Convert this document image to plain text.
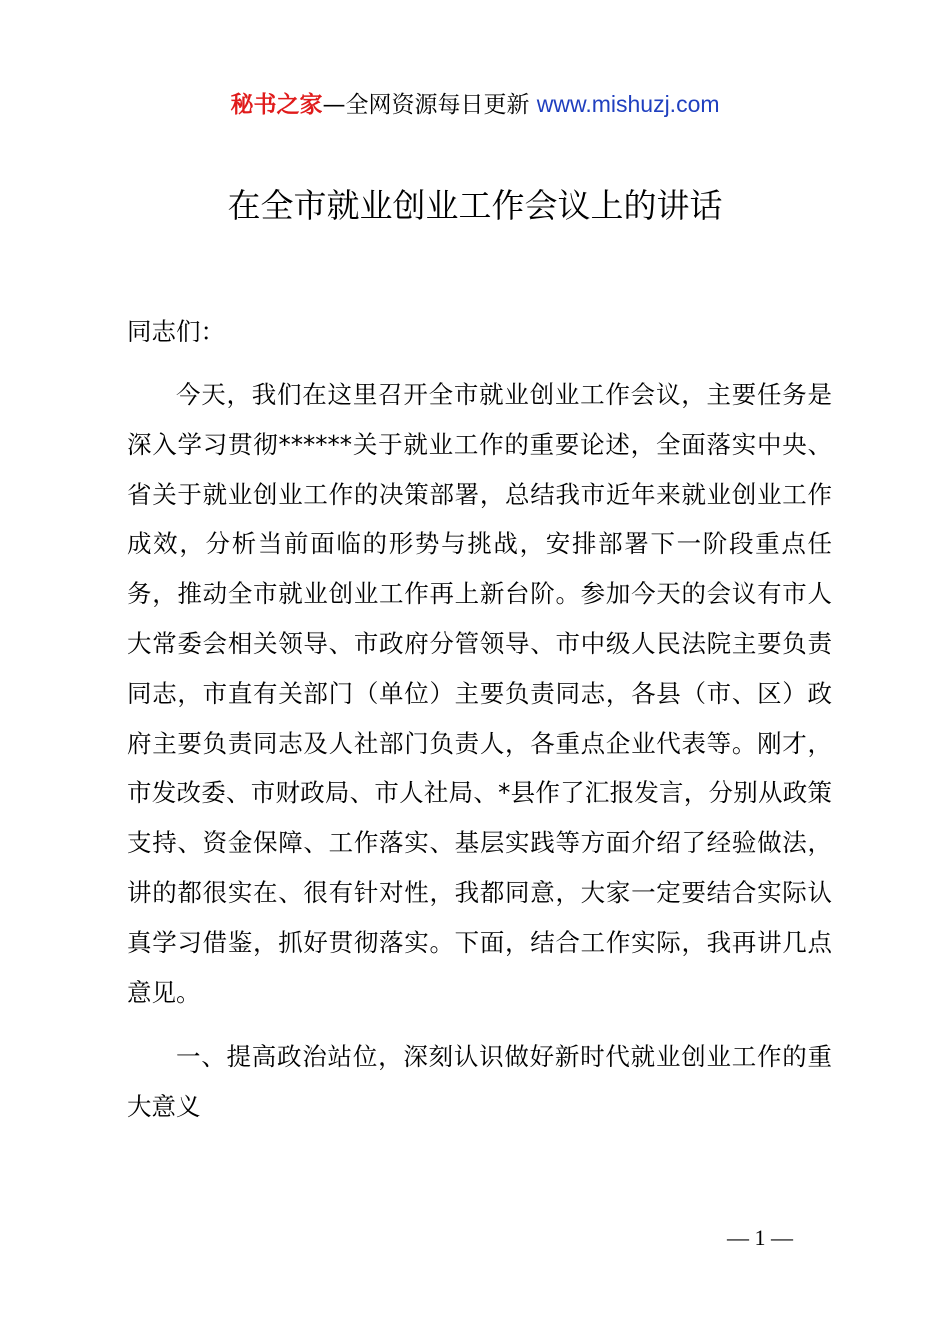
秘书之家—全网资源每日更新 www.mishuzj.com
在全市就业创业工作会议上的讲话

同志们：

今天，我们在这里召开全市就业创业工作会议，主要任务是深入学习贯彻******关于就业工作的重要论述，全面落实中央、省关于就业创业工作的决策部署，总结我市近年来就业创业工作成效，分析当前面临的形势与挑战，安排部署下一阶段重点任务，推动全市就业创业工作再上新台阶。参加今天的会议有市人大常委会相关领导、市政府分管领导、市中级人民法院主要负责同志，市直有关部门（单位）主要负责同志，各县（市、区）政府主要负责同志及人社部门负责人，各重点企业代表等。刚才，市发改委、市财政局、市人社局、*县作了汇报发言，分别从政策支持、资金保障、工作落实、基层实践等方面介绍了经验做法，讲的都很实在、很有针对性，我都同意，大家一定要结合实际认真学习借鉴，抓好贯彻落实。下面，结合工作实际，我再讲几点意见。

一、提高政治站位，深刻认识做好新时代就业创业工作的重大意义

— 1 —
